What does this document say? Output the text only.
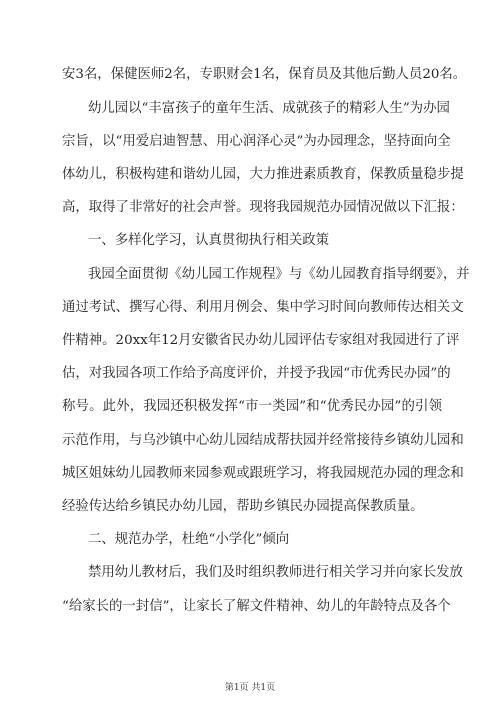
安3名，保健医师2名，专职财会1名，保育员及其他后勤人员20名。
幼儿园以“丰富孩子的童年生活、成就孩子的精彩人生”为办园
宗旨，以“用爱启迪智慧、用心润泽心灵”为办园理念，坚持面向全
体幼儿，积极构建和谐幼儿园，大力推进素质教育，保教质量稳步提
高，取得了非常好的社会声誉。现将我园规范办园情况做以下汇报：
一、多样化学习，认真贯彻执行相关政策
我园全面贯彻《幼儿园工作规程》与《幼儿园教育指导纲要》，并
通过考试、撰写心得、利用月例会、集中学习时间向教师传达相关文
件精神。20xx年12月安徽省民办幼儿园评估专家组对我园进行了评
估，对我园各项工作给予高度评价，并授予我园“市优秀民办园”的
称号。此外，我园还积极发挥“市一类园”和“优秀民办园”的引领
示范作用，与乌沙镇中心幼儿园结成帮扶园并经常接待乡镇幼儿园和
城区姐妹幼儿园教师来园参观或跟班学习，将我园规范办园的理念和
经验传达给乡镇民办幼儿园，帮助乡镇民办园提高保教质量。
二、规范办学，杜绝“小学化”倾向
禁用幼儿教材后，我们及时组织教师进行相关学习并向家长发放
“给家长的一封信”，让家长了解文件精神、幼儿的年龄特点及各个
第1页 共1页
